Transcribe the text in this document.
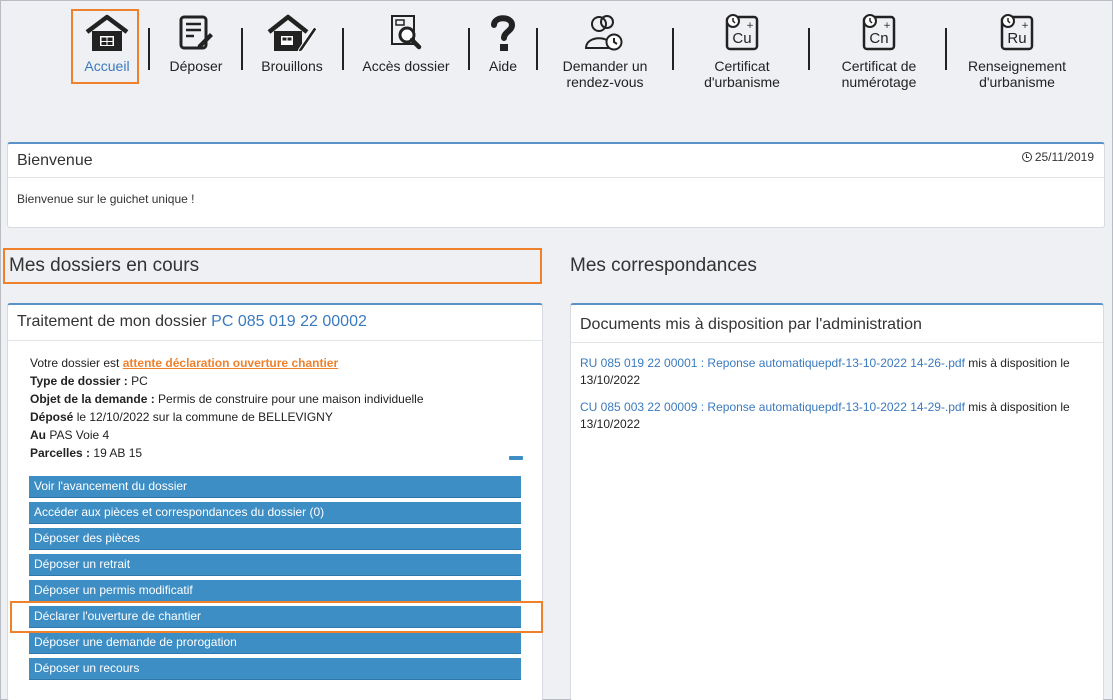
Accueil	Déposer	Brouillons	Accès dossier	Aide	Demander un
rendez-vous
+
Cu
Certificat
d'urbanisme
+
Cn
Certificat de
numérotage
+
Ru
Renseignement
d'urbanisme
Bienvenue	25/11/2019
Bienvenue sur le guichet unique !
Mes dossiers en cours	Mes correspondances
Traitement de mon dossier PC 085 019 22 00002
Votre dossier est attente déclaration ouverture chantier
Type de dossier : PC
Objet de la demande : Permis de construire pour une maison individuelle
Déposé le 12/10/2022 sur la commune de BELLEVIGNY
Au PAS Voie 4
Parcelles : 19 AB 15
Voir l'avancement du dossier
Accéder aux pièces et correspondances du dossier (0)
Déposer des pièces
Déposer un retrait
Déposer un permis modificatif
Déclarer l'ouverture de chantier
Déposer une demande de prorogation
Déposer un recours
Documents mis à disposition par l'administration
RU 085 019 22 00001 : Reponse automatiquepdf-13-10-2022 14-26-.pdf mis à disposition le 13/10/2022
CU 085 003 22 00009 : Reponse automatiquepdf-13-10-2022 14-29-.pdf mis à disposition le 13/10/2022
